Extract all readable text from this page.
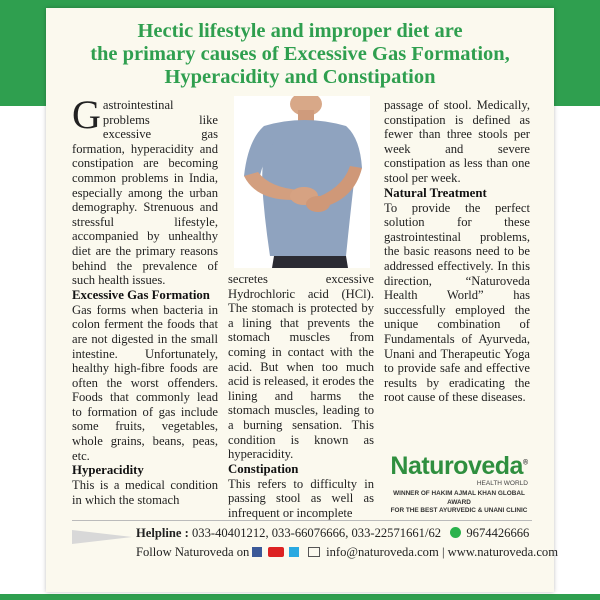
Hectic lifestyle and improper diet are
the primary causes of Excessive Gas Formation,
Hyperacidity and Constipation

Gastrointestinal problems like excessive gas formation, hyperacidity and constipation are becoming common problems in India, especially among the urban demography. Strenuous and stressful lifestyle, accompanied by unhealthy diet are the primary reasons behind the prevalence of such health issues.

Excessive Gas Formation

Gas forms when bacteria in colon ferment the foods that are not digested in the small intestine. Unfortunately, healthy high-fibre foods are often the worst offenders. Foods that commonly lead to formation of gas include some fruits, vegetables, whole grains, beans, peas, etc.

Hyperacidity

This is a medical condition in which the stomach

secretes excessive Hydrochloric acid (HCl). The stomach is protected by a lining that prevents the stomach muscles from coming in contact with the acid. But when too much acid is released, it erodes the lining and harms the stomach muscles, leading to a burning sensation. This condition is known as hyperacidity.

Constipation

This refers to difficulty in passing stool as well as infrequent or incomplete

passage of stool. Medically, constipation is defined as fewer than three stools per week and severe constipation as less than one stool per week.

Natural Treatment

To provide the perfect solution for these gastrointestinal problems, the basic reasons need to be addressed effectively. In this direction, “Naturoveda Health World” has successfully employed the unique combination of Fundamentals of Ayurveda, Unani and Therapeutic Yoga to provide safe and effective results by eradicating the root cause of these diseases.

Naturoveda®
HEALTH WORLD
WINNER OF HAKIM AJMAL KHAN GLOBAL AWARD
FOR THE BEST AYURVEDIC & UNANI CLINIC
Helpline : 033-40401212, 033-66076666, 033-22571661/62 9674426666
Follow Naturoveda on	info@naturoveda.com | www.naturoveda.com
